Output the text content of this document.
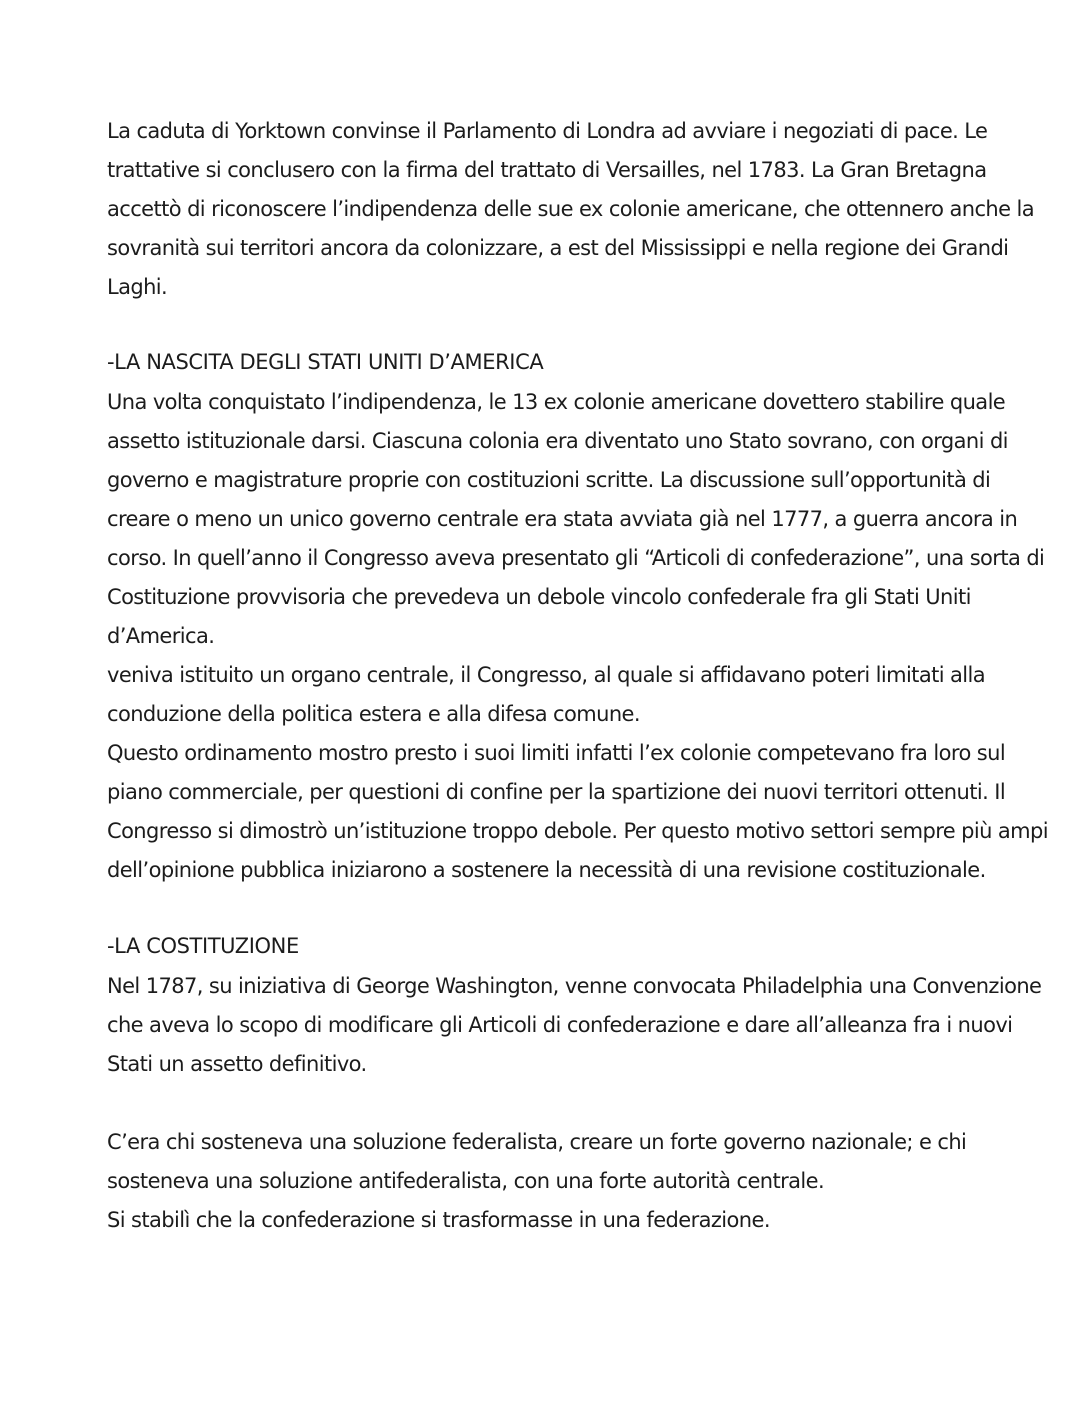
La caduta di Yorktown convinse il Parlamento di Londra ad avviare i negoziati di pace. Le
trattative si conclusero con la firma del trattato di Versailles, nel 1783. La Gran Bretagna
accettò di riconoscere l’indipendenza delle sue ex colonie americane, che ottennero anche la
sovranità sui territori ancora da colonizzare, a est del Mississippi e nella regione dei Grandi
Laghi.
-LA NASCITA DEGLI STATI UNITI D’AMERICA
Una volta conquistato l’indipendenza, le 13 ex colonie americane dovettero stabilire quale
assetto istituzionale darsi. Ciascuna colonia era diventato uno Stato sovrano, con organi di
governo e magistrature proprie con costituzioni scritte. La discussione sull’opportunità di
creare o meno un unico governo centrale era stata avviata già nel 1777, a guerra ancora in
corso. In quell’anno il Congresso aveva presentato gli “Articoli di confederazione”, una sorta di
Costituzione provvisoria che prevedeva un debole vincolo confederale fra gli Stati Uniti
d’America.
veniva istituito un organo centrale, il Congresso, al quale si affidavano poteri limitati alla
conduzione della politica estera e alla difesa comune.
Questo ordinamento mostro presto i suoi limiti infatti l’ex colonie competevano fra loro sul
piano commerciale, per questioni di confine per la spartizione dei nuovi territori ottenuti. Il
Congresso si dimostrò un’istituzione troppo debole. Per questo motivo settori sempre più ampi
dell’opinione pubblica iniziarono a sostenere la necessità di una revisione costituzionale.
-LA COSTITUZIONE
Nel 1787, su iniziativa di George Washington, venne convocata Philadelphia una Convenzione
che aveva lo scopo di modificare gli Articoli di confederazione e dare all’alleanza fra i nuovi
Stati un assetto definitivo.
C’era chi sosteneva una soluzione federalista, creare un forte governo nazionale; e chi
sosteneva una soluzione antifederalista, con una forte autorità centrale.
Si stabilì che la confederazione si trasformasse in una federazione.
